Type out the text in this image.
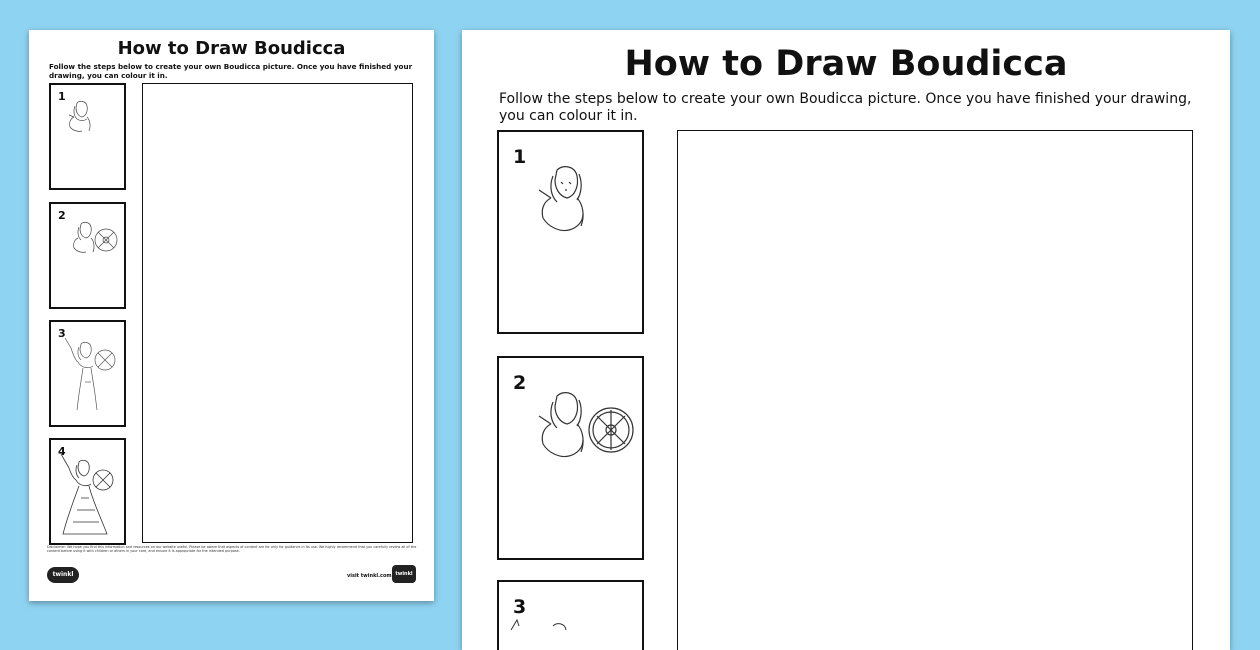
How to Draw Boudicca
Follow the steps below to create your own Boudicca picture. Once you have finished your drawing, you can colour it in.
1
2
3
4
Disclaimer: We hope you find this information and resources on our website useful. Please be aware that aspects of content are for only for guidance in its use. We highly recommend that you carefully review all of the content before using it with children or others in your care, and ensure it is appropriate for the intended purpose.
twinkl	visit twinkl.com twinkl
How to Draw Boudicca
Follow the steps below to create your own Boudicca picture. Once you have finished your drawing, you can colour it in.
1
2
3
